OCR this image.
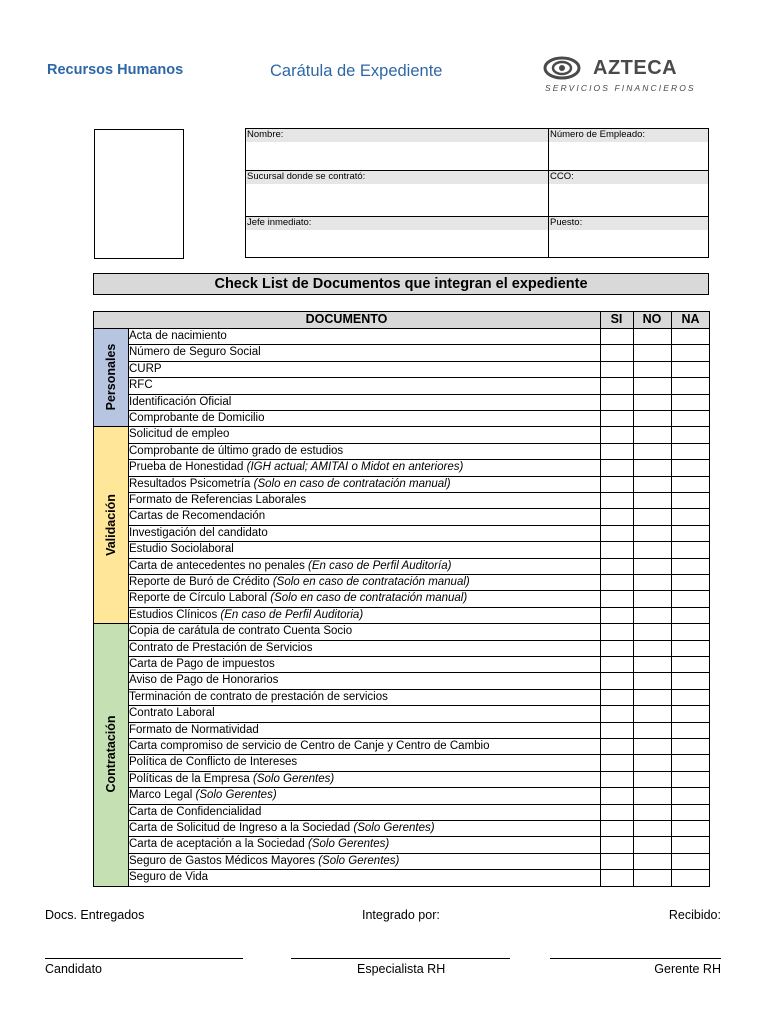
Recursos Humanos	Carátula de Expediente	AZTECA
SERVICIOS FINANCIEROS
Nombre:	Número de Empleado:
Sucursal donde se contrató:	CCO:
Jefe inmediato:	Puesto:
Check List de Documentos que integran el expediente
DOCUMENTO	SI	NO	NA
Personales
Acta de nacimiento
Número de Seguro Social
CURP
RFC
Identificación Oficial
Comprobante de Domicilio
Validación
Solicitud de empleo
Comprobante de último grado de estudios
Prueba de Honestidad (IGH actual; AMITAI o Midot en anteriores)
Resultados Psicometría (Solo en caso de contratación manual)
Formato de Referencias Laborales
Cartas de Recomendación
Investigación del candidato
Estudio Sociolaboral
Carta de antecedentes no penales (En caso de Perfil Auditoría)
Reporte de Buró de Crédito (Solo en caso de contratación manual)
Reporte de Círculo Laboral (Solo en caso de contratación manual)
Estudios Clínicos (En caso de Perfil Auditoria)
Contratación
Copia de carátula de contrato Cuenta Socio
Contrato de Prestación de Servicios
Carta de Pago de impuestos
Aviso de Pago de Honorarios
Terminación de contrato de prestación de servicios
Contrato Laboral
Formato de Normatividad
Carta compromiso de servicio de Centro de Canje y Centro de Cambio
Política de Conflicto de Intereses
Políticas de la Empresa (Solo Gerentes)
Marco Legal (Solo Gerentes)
Carta de Confidencialidad
Carta de Solicitud de Ingreso a la Sociedad (Solo Gerentes)
Carta de aceptación a la Sociedad (Solo Gerentes)
Seguro de Gastos Médicos Mayores (Solo Gerentes)
Seguro de Vida
Docs. Entregados	Integrado por:	Recibido:
Candidato	Especialista RH	Gerente RH
